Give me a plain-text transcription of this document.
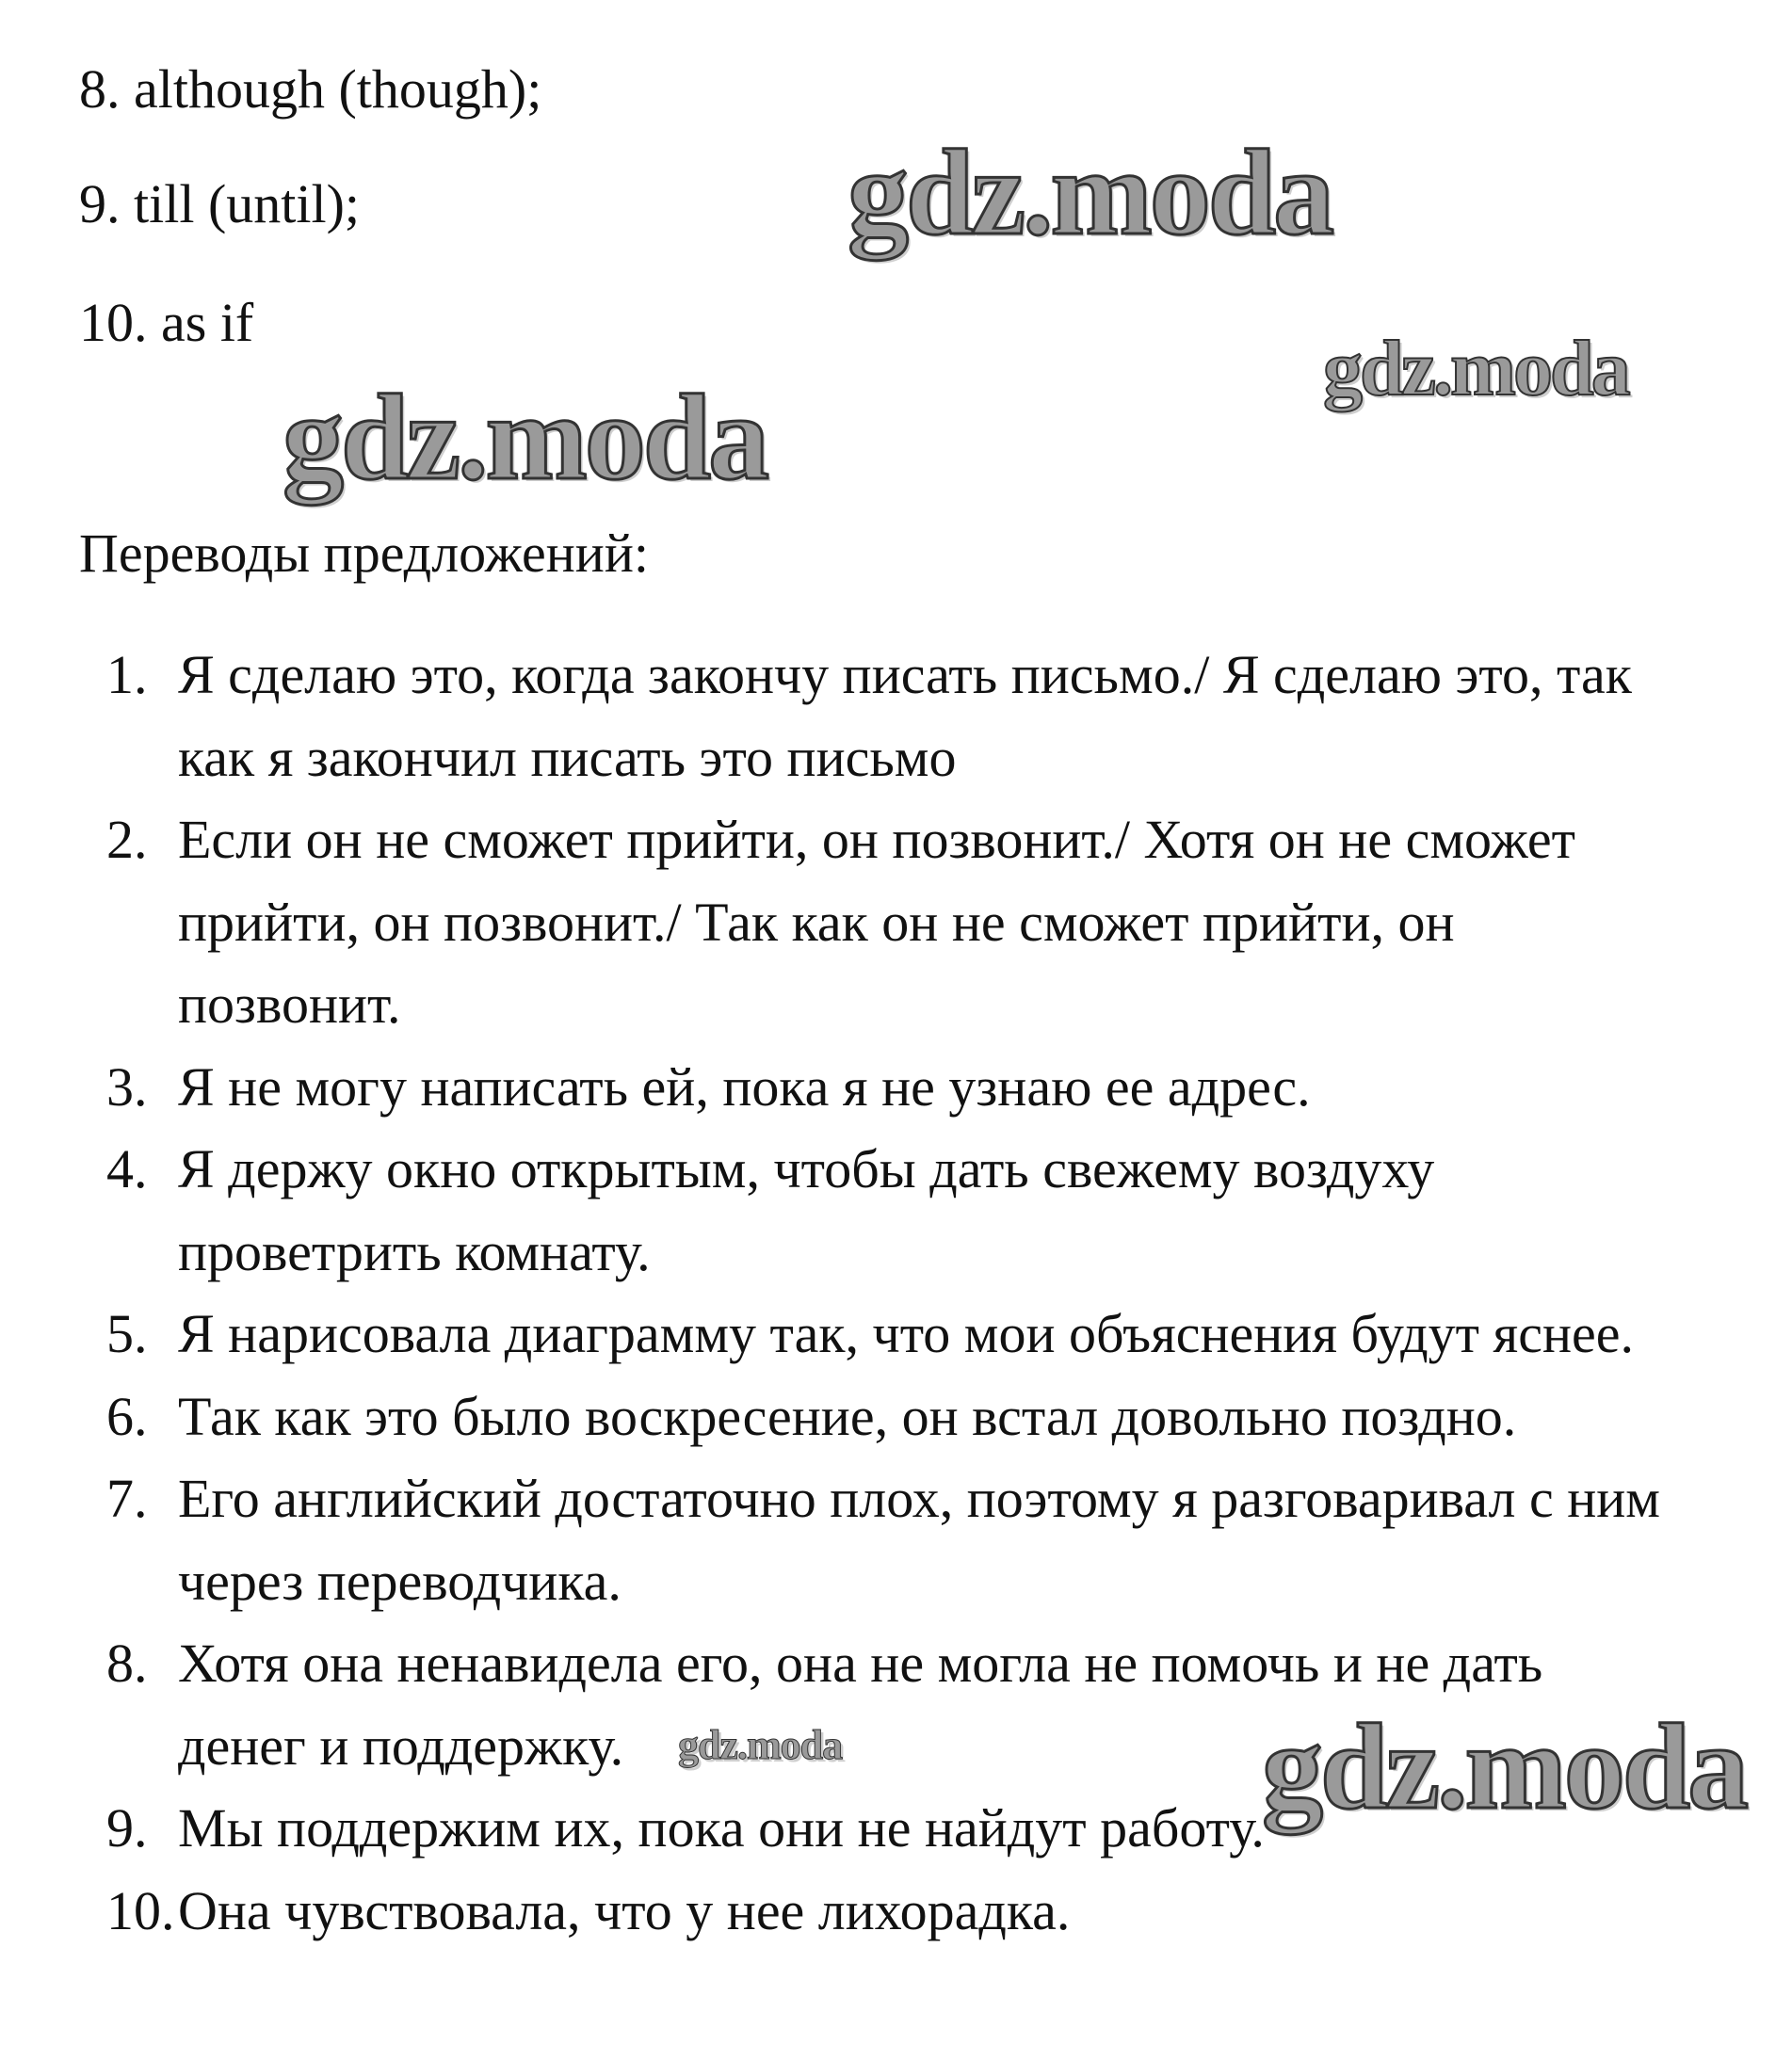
8. although (though);
9. till (until);
10. as if
Переводы предложений:
1. Я сделаю это, когда закончу писать письмо./ Я сделаю это, так
как я закончил писать это письмо
2. Если он не сможет прийти, он позвонит./ Хотя он не сможет
прийти, он позвонит./ Так как он не сможет прийти, он
позвонит.
3. Я не могу написать ей, пока я не узнаю ее адрес.
4. Я держу окно открытым, чтобы дать свежему воздуху
проветрить комнату.
5. Я нарисовала диаграмму так, что мои объяснения будут яснее.
6. Так как это было воскресение, он встал довольно поздно.
7. Его английский достаточно плох, поэтому я разговаривал с ним
через переводчика.
8. Хотя она ненавидела его, она не могла не помочь и не дать
денег и поддержку.
9. Мы поддержим их, пока они не найдут работу.
10. Она чувствовала, что у нее лихорадка.
gdz.moda
gdz.moda
gdz.moda
gdz.moda	gdz.moda
